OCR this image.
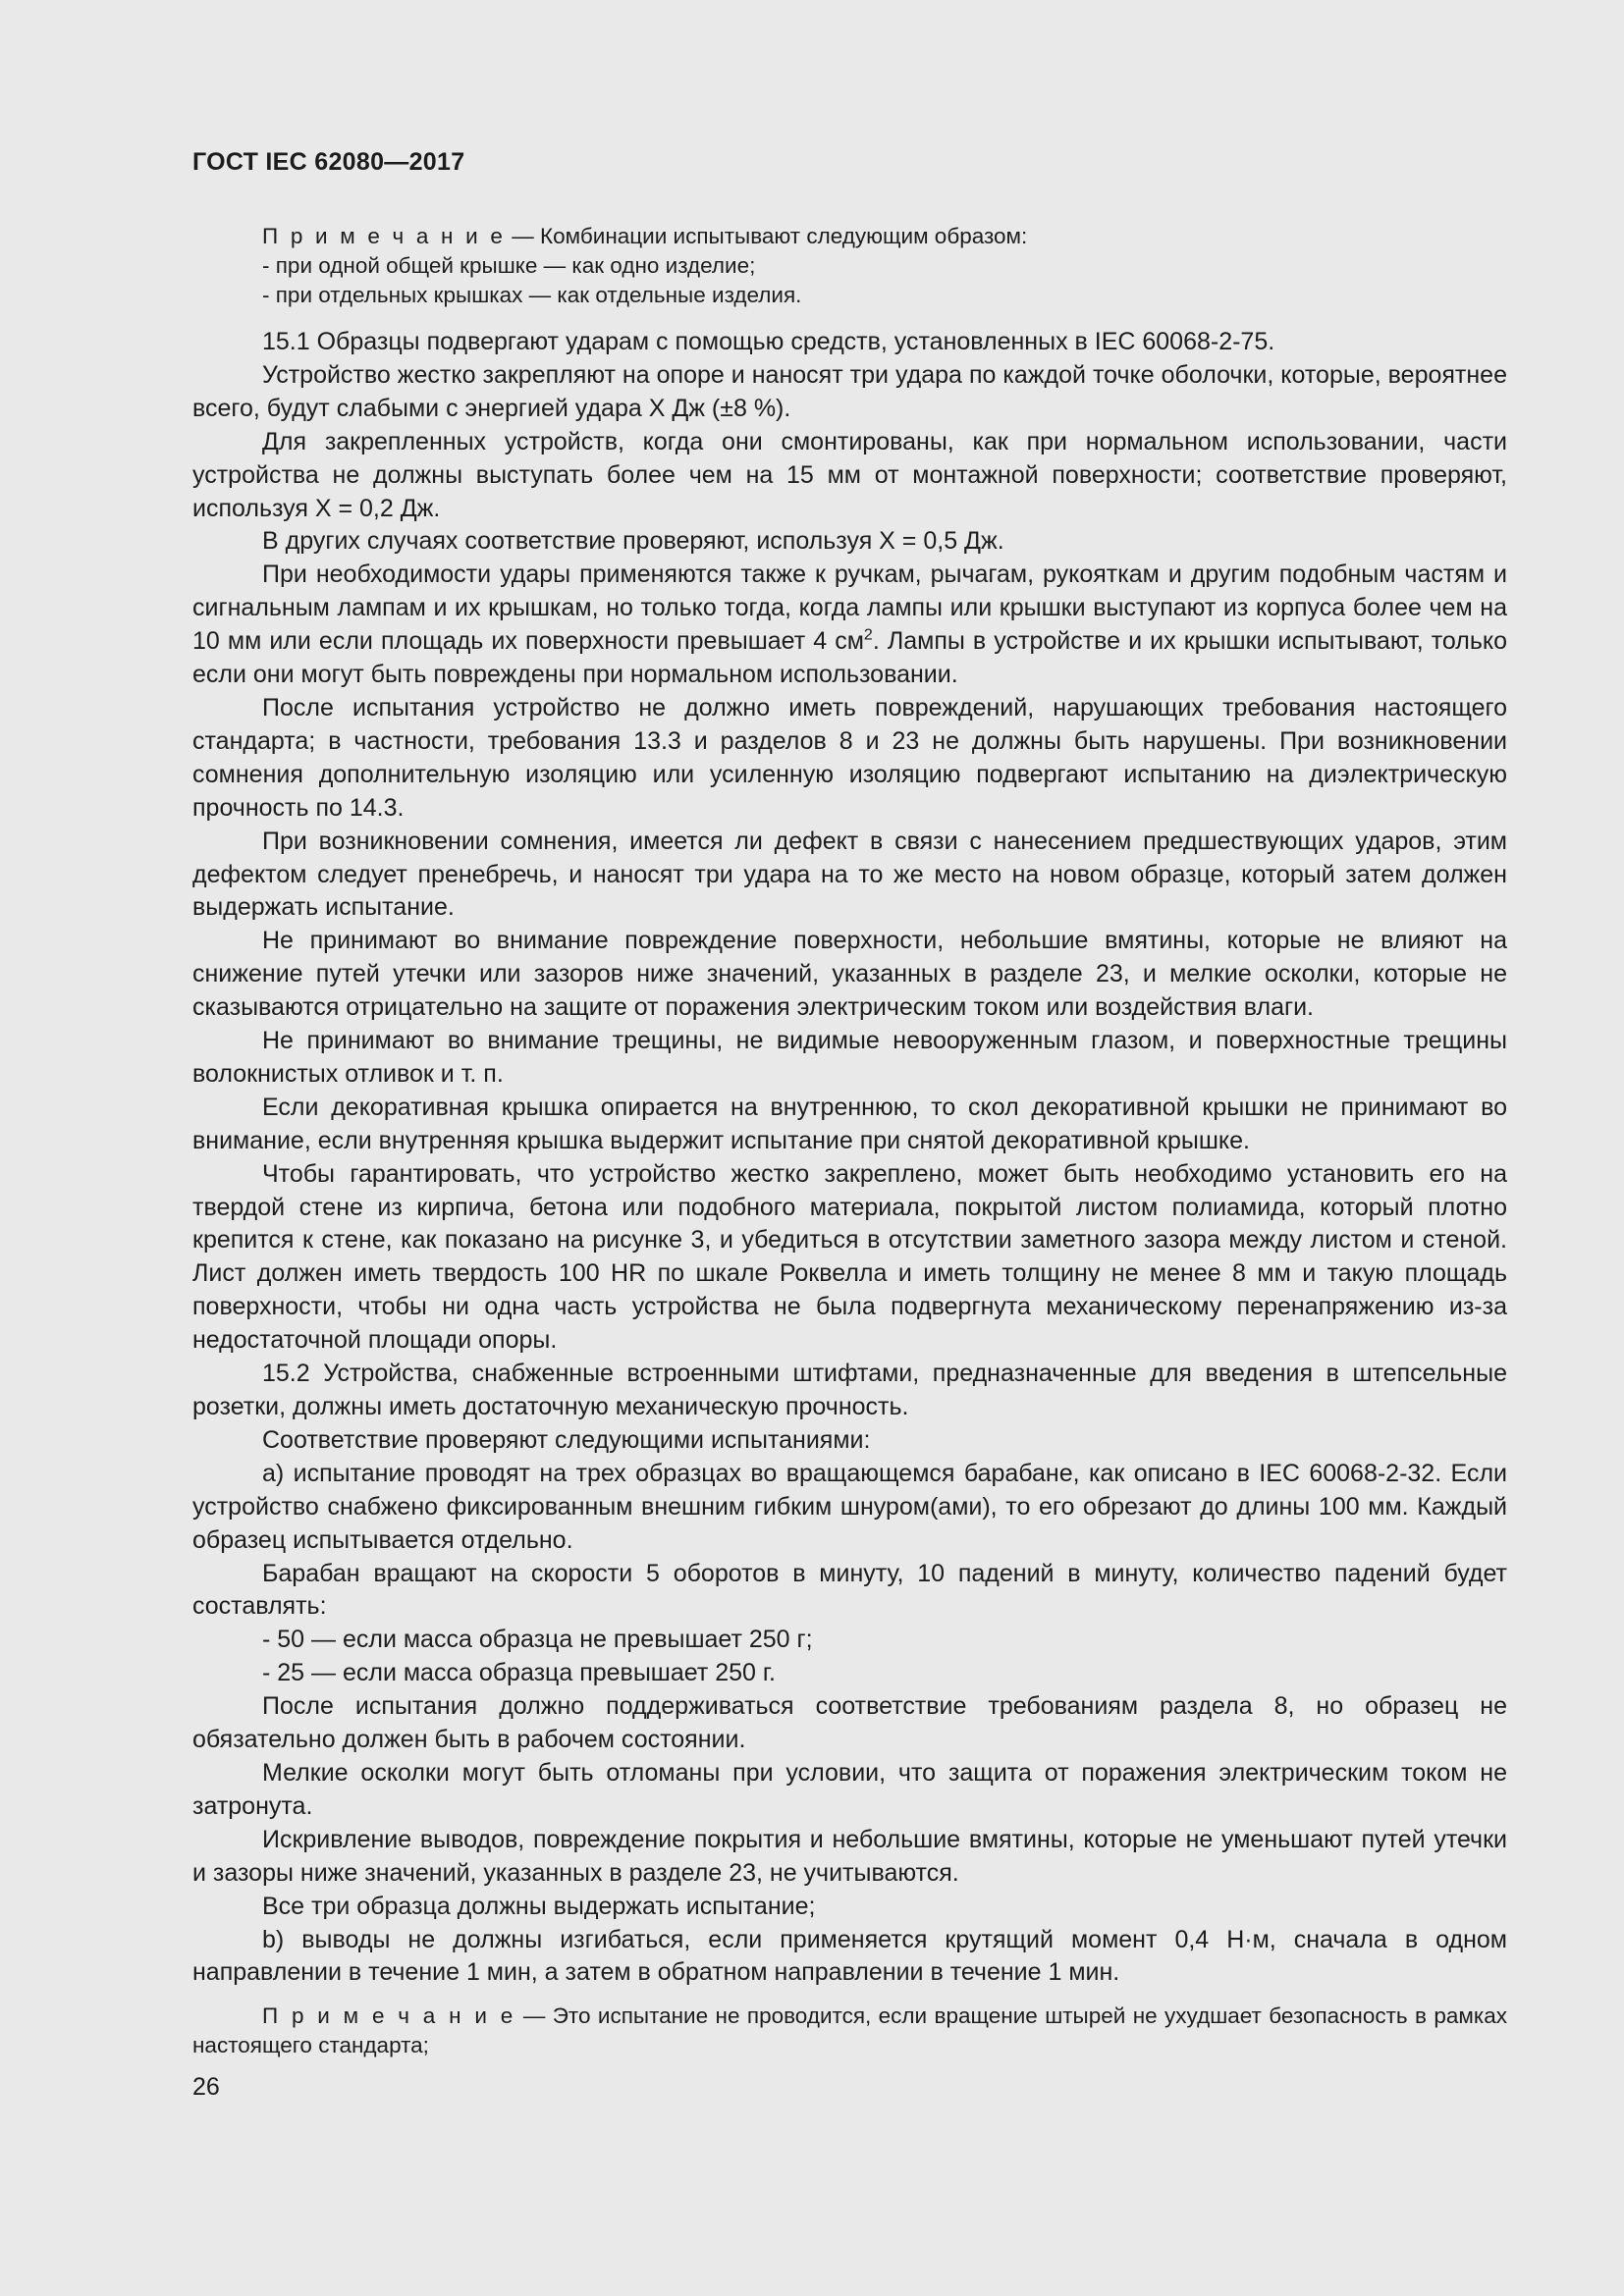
ГОСТ IEC 62080—2017
П р и м е ч а н и е — Комбинации испытывают следующим образом:
- при одной общей крышке — как одно изделие;
- при отдельных крышках — как отдельные изделия.
15.1 Образцы подвергают ударам с помощью средств, установленных в IEC 60068-2-75.
Устройство жестко закрепляют на опоре и наносят три удара по каждой точке оболочки, которые, вероятнее всего, будут слабыми с энергией удара X Дж (±8 %).
Для закрепленных устройств, когда они смонтированы, как при нормальном использовании, части устройства не должны выступать более чем на 15 мм от монтажной поверхности; соответствие проверяют, используя X = 0,2 Дж.
В других случаях соответствие проверяют, используя X = 0,5 Дж.
При необходимости удары применяются также к ручкам, рычагам, рукояткам и другим подобным частям и сигнальным лампам и их крышкам, но только тогда, когда лампы или крышки выступают из корпуса более чем на 10 мм или если площадь их поверхности превышает 4 $см^2$. Лампы в устройстве и их крышки испытывают, только если они могут быть повреждены при нормальном использовании.
После испытания устройство не должно иметь повреждений, нарушающих требования настоящего стандарта; в частности, требования 13.3 и разделов 8 и 23 не должны быть нарушены. При возникновении сомнения дополнительную изоляцию или усиленную изоляцию подвергают испытанию на диэлектрическую прочность по 14.3.
При возникновении сомнения, имеется ли дефект в связи с нанесением предшествующих ударов, этим дефектом следует пренебречь, и наносят три удара на то же место на новом образце, который затем должен выдержать испытание.
Не принимают во внимание повреждение поверхности, небольшие вмятины, которые не влияют на снижение путей утечки или зазоров ниже значений, указанных в разделе 23, и мелкие осколки, которые не сказываются отрицательно на защите от поражения электрическим током или воздействия влаги.
Не принимают во внимание трещины, не видимые невооруженным глазом, и поверхностные трещины волокнистых отливок и т. п.
Если декоративная крышка опирается на внутреннюю, то скол декоративной крышки не принимают во внимание, если внутренняя крышка выдержит испытание при снятой декоративной крышке.
Чтобы гарантировать, что устройство жестко закреплено, может быть необходимо установить его на твердой стене из кирпича, бетона или подобного материала, покрытой листом полиамида, который плотно крепится к стене, как показано на рисунке 3, и убедиться в отсутствии заметного зазора между листом и стеной. Лист должен иметь твердость 100 HR по шкале Роквелла и иметь толщину не менее 8 мм и такую площадь поверхности, чтобы ни одна часть устройства не была подвергнута механическому перенапряжению из-за недостаточной площади опоры.
15.2 Устройства, снабженные встроенными штифтами, предназначенные для введения в штепсельные розетки, должны иметь достаточную механическую прочность.
Соответствие проверяют следующими испытаниями:
a) испытание проводят на трех образцах во вращающемся барабане, как описано в IEC 60068-2-32. Если устройство снабжено фиксированным внешним гибким шнуром(ами), то его обрезают до длины 100 мм. Каждый образец испытывается отдельно.
Барабан вращают на скорости 5 оборотов в минуту, 10 падений в минуту, количество падений будет составлять:
- 50 — если масса образца не превышает 250 г;
- 25 — если масса образца превышает 250 г.
После испытания должно поддерживаться соответствие требованиям раздела 8, но образец не обязательно должен быть в рабочем состоянии.
Мелкие осколки могут быть отломаны при условии, что защита от поражения электрическим током не затронута.
Искривление выводов, повреждение покрытия и небольшие вмятины, которые не уменьшают путей утечки и зазоры ниже значений, указанных в разделе 23, не учитываются.
Все три образца должны выдержать испытание;
b) выводы не должны изгибаться, если применяется крутящий момент 0,4 Н·м, сначала в одном направлении в течение 1 мин, а затем в обратном направлении в течение 1 мин.
П р и м е ч а н и е — Это испытание не проводится, если вращение штырей не ухудшает безопасность в рамках настоящего стандарта;
26
